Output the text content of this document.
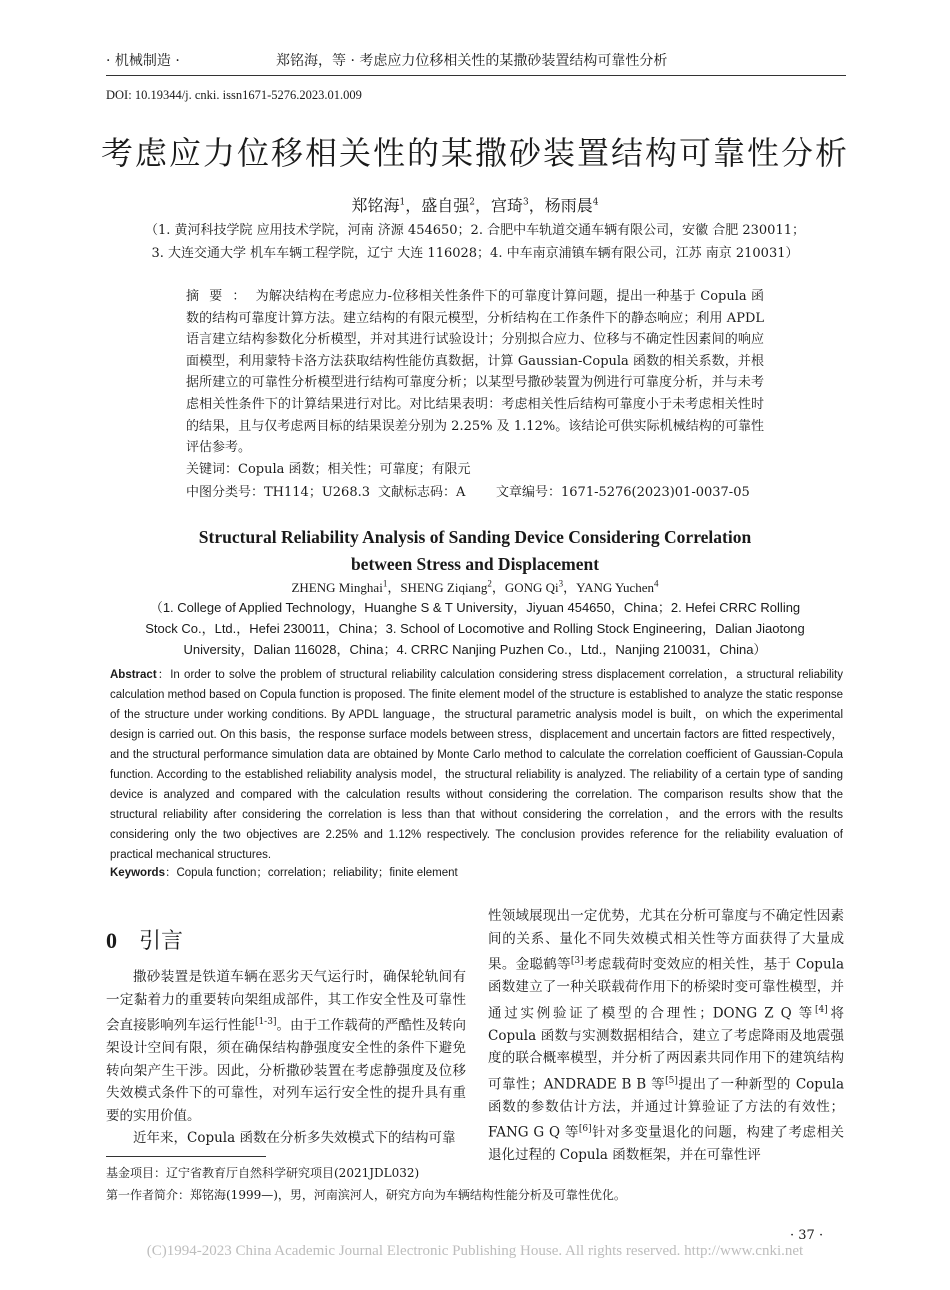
· 机械制造 ·	郑铭海，等 · 考虑应力位移相关性的某撒砂装置结构可靠性分析
DOI: 10.19344/j. cnki. issn1671-5276.2023.01.009
考虑应力位移相关性的某撒砂装置结构可靠性分析
郑铭海$^1$，盛自强$^2$，宫琦$^3$，杨雨晨$^4$
（1. 黄河科技学院 应用技术学院，河南 济源 454650；2. 合肥中车轨道交通车辆有限公司，安徽 合肥 230011；
3. 大连交通大学 机车车辆工程学院，辽宁 大连 116028；4. 中车南京浦镇车辆有限公司，江苏 南京 210031）
摘要：为解决结构在考虑应力-位移相关性条件下的可靠度计算问题，提出一种基于 Copula 函数的结构可靠度计算方法。建立结构的有限元模型，分析结构在工作条件下的静态响应；利用 APDL 语言建立结构参数化分析模型，并对其进行试验设计；分别拟合应力、位移与不确定性因素间的响应面模型，利用蒙特卡洛方法获取结构性能仿真数据，计算 Gaussian-Copula 函数的相关系数，并根据所建立的可靠性分析模型进行结构可靠度分析；以某型号撒砂装置为例进行可靠度分析，并与未考虑相关性条件下的计算结果进行对比。对比结果表明：考虑相关性后结构可靠度小于未考虑相关性时的结果，且与仅考虑两目标的结果误差分别为 2.25% 及 1.12%。该结论可供实际机械结构的可靠性评估参考。
关键词：Copula 函数；相关性；可靠度；有限元
中图分类号：TH114；U268.3 文献标志码：A 文章编号：1671-5276(2023)01-0037-05
Structural Reliability Analysis of Sanding Device Considering Correlation
between Stress and Displacement
ZHENG Minghai$^1$，SHENG Ziqiang$^2$，GONG Qi$^3$，YANG Yuchen$^4$
（1. College of Applied Technology，Huanghe S & T University，Jiyuan 454650，China；2. Hefei CRRC Rolling
Stock Co.，Ltd.，Hefei 230011，China；3. School of Locomotive and Rolling Stock Engineering，Dalian Jiaotong
University，Dalian 116028，China；4. CRRC Nanjing Puzhen Co.，Ltd.，Nanjing 210031，China）
Abstract：In order to solve the problem of structural reliability calculation considering stress displacement correlation，a structural reliability calculation method based on Copula function is proposed. The finite element model of the structure is established to analyze the static response of the structure under working conditions. By APDL language，the structural parametric analysis model is built，on which the experimental design is carried out. On this basis，the response surface models between stress，displacement and uncertain factors are fitted respectively，and the structural performance simulation data are obtained by Monte Carlo method to calculate the correlation coefficient of Gaussian-Copula function. According to the established reliability analysis model，the structural reliability is analyzed. The reliability of a certain type of sanding device is analyzed and compared with the calculation results without considering the correlation. The comparison results show that the structural reliability after considering the correlation is less than that without considering the correlation，and the errors with the results considering only the two objectives are 2.25% and 1.12% respectively. The conclusion provides reference for the reliability evaluation of practical mechanical structures.
Keywords：Copula function；correlation；reliability；finite element
0 引言

撒砂装置是铁道车辆在恶劣天气运行时，确保轮轨间有一定黏着力的重要转向架组成部件，其工作安全性及可靠性会直接影响列车运行性能[1-3]。由于工作载荷的严酷性及转向架设计空间有限，须在确保结构静强度安全性的条件下避免转向架产生干涉。因此，分析撒砂装置在考虑静强度及位移失效模式条件下的可靠性，对列车运行安全性的提升具有重要的实用价值。

近年来，Copula 函数在分析多失效模式下的结构可靠

性领域展现出一定优势，尤其在分析可靠度与不确定性因素间的关系、量化不同失效模式相关性等方面获得了大量成果。金聪鹤等[3]考虑载荷时变效应的相关性，基于 Copula 函数建立了一种关联载荷作用下的桥梁时变可靠性模型，并通过实例验证了模型的合理性；DONG Z Q 等[4]将 Copula 函数与实测数据相结合，建立了考虑降雨及地震强度的联合概率模型，并分析了两因素共同作用下的建筑结构可靠性；ANDRADE B B 等[5]提出了一种新型的 Copula 函数的参数估计方法，并通过计算验证了方法的有效性；FANG G Q 等[6]针对多变量退化的问题，构建了考虑相关退化过程的 Copula 函数框架，并在可靠性评

基金项目：辽宁省教育厅自然科学研究项目(2021JDL032)
第一作者简介：郑铭海(1999—)，男，河南滨河人，研究方向为车辆结构性能分析及可靠性优化。
· 37 ·
(C)1994-2023 China Academic Journal Electronic Publishing House. All rights reserved. http://www.cnki.net
